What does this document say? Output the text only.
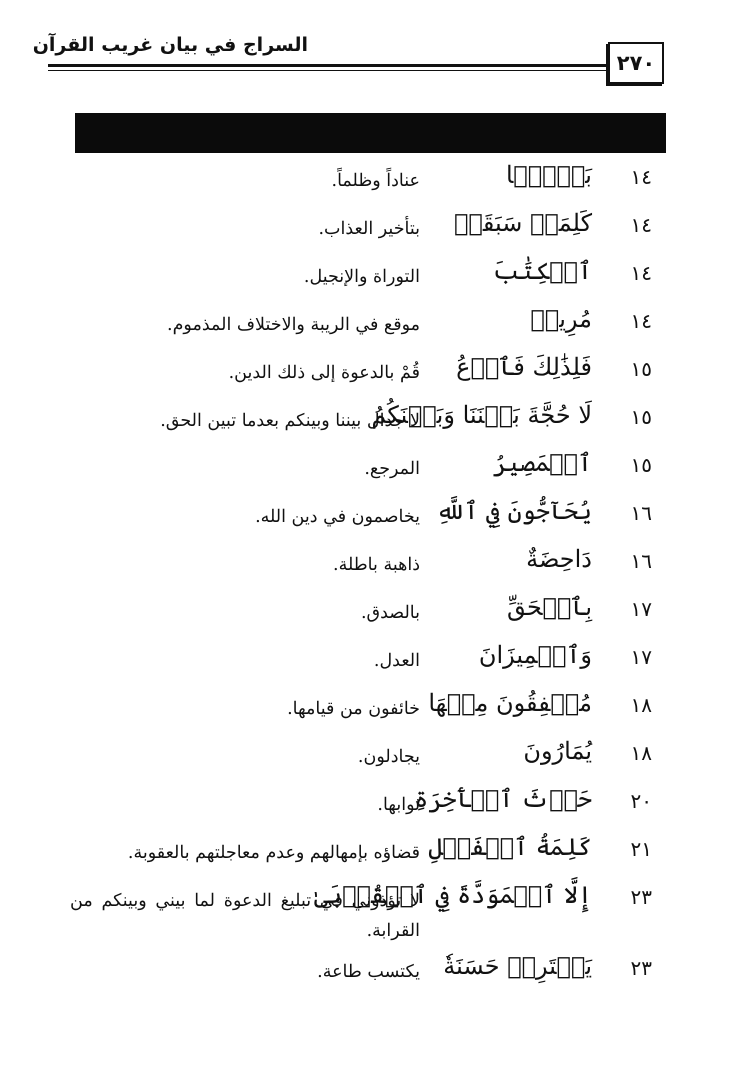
السراج في بيان غريب القرآن
٢٧٠
١٤
بَغۡيَۢا
عناداً وظلماً.
١٤
كَلِمَةٞ سَبَقَتۡ
بتأخير العذاب.
١٤
ٱلۡكِتَٰبَ
التوراة والإنجيل.
١٤
مُرِيبٖ
موقع في الريبة والاختلاف المذموم.
١٥
فَلِذَٰلِكَ فَٱدۡعُ
قُمْ بالدعوة إلى ذلك الدين.
١٥
لَا حُجَّةَ بَيۡنَنَا وَبَيۡنَكُمُ
لا جدال بيننا وبينكم بعدما تبين الحق.
١٥
ٱلۡمَصِيرُ
المرجع.
١٦
يُحَآجُّونَ فِي ٱللَّهِ
يخاصمون في دين الله.
١٦
دَاحِضَةٌ
ذاهبة باطلة.
١٧
بِٱلۡحَقِّ
بالصدق.
١٧
وَٱلۡمِيزَانَ
العدل.
١٨
مُشۡفِقُونَ مِنۡهَا
خائفون من قيامها.
١٨
يُمَارُونَ
يجادلون.
٢٠
حَرۡثَ ٱلۡأٓخِرَةِ
ثوابها.
٢١
كَلِمَةُ ٱلۡفَصۡلِ
قضاؤه بإمهالهم وعدم معاجلتهم بالعقوبة.
٢٣
إِلَّا ٱلۡمَوَدَّةَ فِي ٱلۡقُرۡبَىٰ
لا تؤذوني في تبليغ الدعوة لما بيني وبينكم من القرابة.
٢٣
يَقۡتَرِفۡ حَسَنَةٗ
يكتسب طاعة.
